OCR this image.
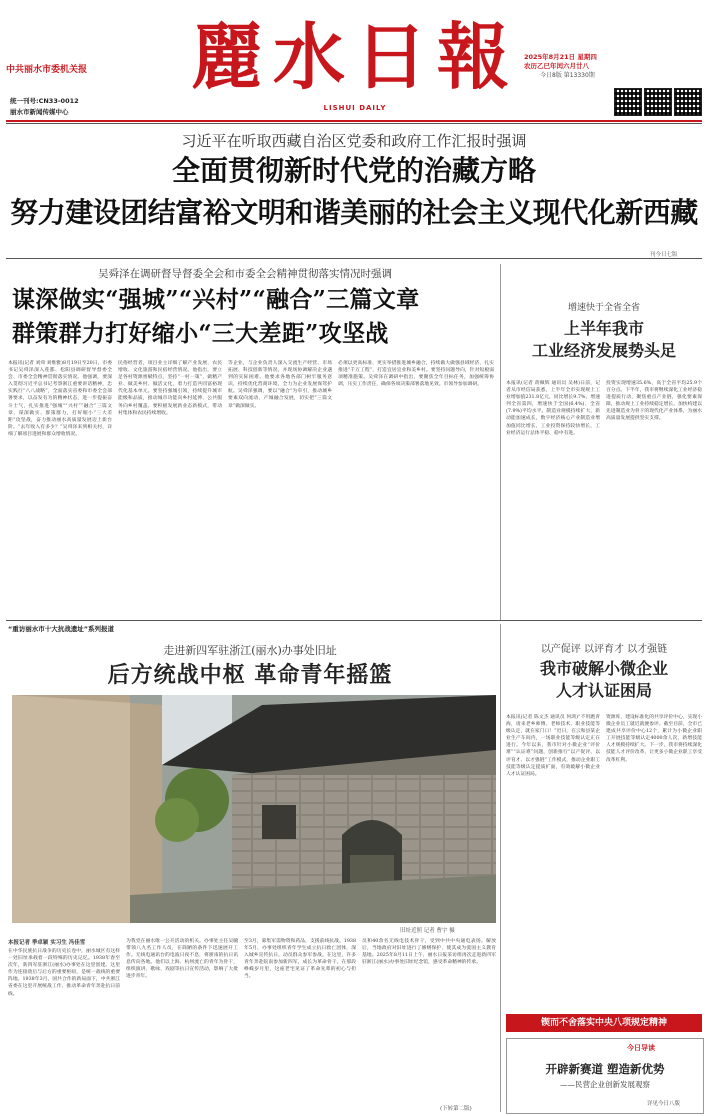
中共丽水市委机关报
统一刊号:CN33-0012
丽水市新闻传媒中心
麗水日報
LISHUI DAILY
2025年8月21日 星期四
农历乙巳年闰六月廿八
今日8版 第13330期
习近平在听取西藏自治区党委和政府工作汇报时强调
全面贯彻新时代党的治藏方略
努力建设团结富裕文明和谐美丽的社会主义现代化新西藏
刊今日七版
吴舜泽在调研督导督委全会和市委全会精神贯彻落实情况时强调
谋深做实“强城”“兴村”“融合”三篇文章
群策群力打好缩小“三大差距”攻坚战
本报讯(记者 刘舜 刘维雅)8月19日至20日，市委书记吴舜泽深入莲都、松阳县调研督导督委全会、市委全会精神贯彻落实情况。他强调，要深入贯彻习近平总书记考察浙江重要讲话精神，忠实践行“八八战略”，全面落实省委和市委全会部署要求，以奋发有为的精神状态，进一步提振奋斗士气，扎实推进“强城”“兴村”“融合”三篇文章，谋深做实、群策群力，打好缩小“三大差距”攻坚战，奋力推动丽水高质量发展迈上新台阶。“去年收入有多少？”吴舜泽来到相关村，详细了解项目进展和群众增收情况。
民俗经营者，项目业主详细了解产业发展、农民增收、文化旅游和民宿经营情况。他指出，要立足各村资源禀赋特点，坚持“一村一策”，做精产业、做美乡村、做活文化，着力打造共同富裕现代化基本单元。要坚持强城引领，持续提升城市能级和品质，推动城市功能向乡村延伸、公共服务向乡村覆盖。要积极发展新业态新模式，带动村集体和农民持续增收。
等企业，与企业负责人深入交流生产经营、市场拓展、科技创新等情况，并现场协调解决企业遇到的实际困难。他要求各地各部门树牢服务意识，持续优化营商环境，全力为企业发展保驾护航。吴舜泽强调，要以“融合”为牵引，推动城乡要素双向流动、产城融合发展，切实把“三篇文章”做深做实。
必须以更高标准、更实举措推进城乡融合，持续做大做强县域经济，扎实推进“千万工程”，打造宜居宜业和美乡村。要坚持问题导向，针对短板弱项精准施策。吴舜泽在调研中指出，要聚焦全年目标任务，加强统筹协调，压实工作责任，确保各项决策部署落地见效。市领导参加调研。
增速快于全省全省
上半年我市
工业经济发展势头足
本报讯(记者 蒋佩辉 通讯员 吴林)日前，记者从市经信局获悉，上半年全市实现规上工业增加值231.8亿元，同比增长9.7%，增速列全省第四，增速快于全国(6.4%)、全省(7.9%)平均水平。制造业规模持续扩大，新动能加速成长，数字经济核心产业制造业增加值同比增长，工业投资保持较快增长，工业经济运行总体平稳、稳中有进。
投资实现增速35.6%，高于全省平均25.9个百分点。下半年，我市将继续深化工业经济稳进提质行动，聚焦重点产业链，强化要素保障，推动规上工业持续稳定增长，加快构建以先进制造业为骨干的现代化产业体系，为丽水高质量发展提供坚实支撑。
“重访丽水市十大抗战遗址”系列报道
走进新四军驻浙江(丽水)办事处旧址
后方统战中枢 革命青年摇篮
旧址近照 记者 曹宇 摄
本报记者 季卓颖 实习生 冯佳雪
在中华民族抗日战争的历史长卷中，丽水城区有这样一处旧址承载着一段特殊的历史记忆。1938年春至次年，新四军驻浙江(丽水)办事处在这里创建。这里作为连接敌后与后方的重要枢纽，是统一战线的重要阵地。1938年3月，国共合作的新局面下，中共浙江省委在这里开展统战工作，推动革命青年奔赴抗日前线。
为我党在丽水唯一公开活动的机关。办事处主任吴毓带领八九名工作人员，在简陋的条件下迅速展开工作。无线电通讯台的电波日夜不息，将浙南的抗日讯息传向各地。他们以上海、杭州流亡的青年为骨干，组织演讲、歌咏、戏剧等抗日宣传活动，影响了大批进步青年。
至3月，募集军需物资和药品，支援前线抗战。1938年5月，办事处组织青年学生成立抗日救亡团体，深入城乡宣传抗日，动员群众参军参战。在这里，许多青年奔赴皖南参加新四军，成长为革命骨干。在那段峥嵘岁月里，这座老宅见证了革命先辈的初心与担当。
员和40余名无线电技术骨干，受到中共中央通电表扬。解放后，当地政府对旧址进行了修缮保护，使其成为爱国主义教育基地。2025年8月11日上午，丽水日报采访组再次走进新四军驻浙江(丽水)办事处旧址纪念馆，感受革命精神的传承。
(下转第二版)
以产促评 以评育才 以才强链
我市破解小微企业
人才认证困局
本报讯(记者 陈文杰 通讯员 何鸿)“不用跑青海，请来老乡师傅、老师技术、职业技能等级认定，就在家门口！”近日，在云和县某企业生产车间内，一场职业技能等级认定正在进行。今年以来，我市针对小微企业“评价难”“认证难”问题，创新推行“以产促评、以评育才、以才强链”工作模式，推动企业职工技能等级认定提质扩面，有效破解小微企业人才认证困局。
资源库，建设标准化的共享评价中心，实现小微企业员工就近就便参评。截至目前，全市已建成共享评价中心12个，累计为小微企业职工开展技能等级认定4000余人次，新增技能人才规模持续扩大。下一步，我市将持续深化技能人才评价改革，让更多小微企业职工享受改革红利。
锲而不舍落实中央八项规定精神
今日导读
开辟新赛道 塑造新优势
——民营企业创新发展观察
详见今日八版
